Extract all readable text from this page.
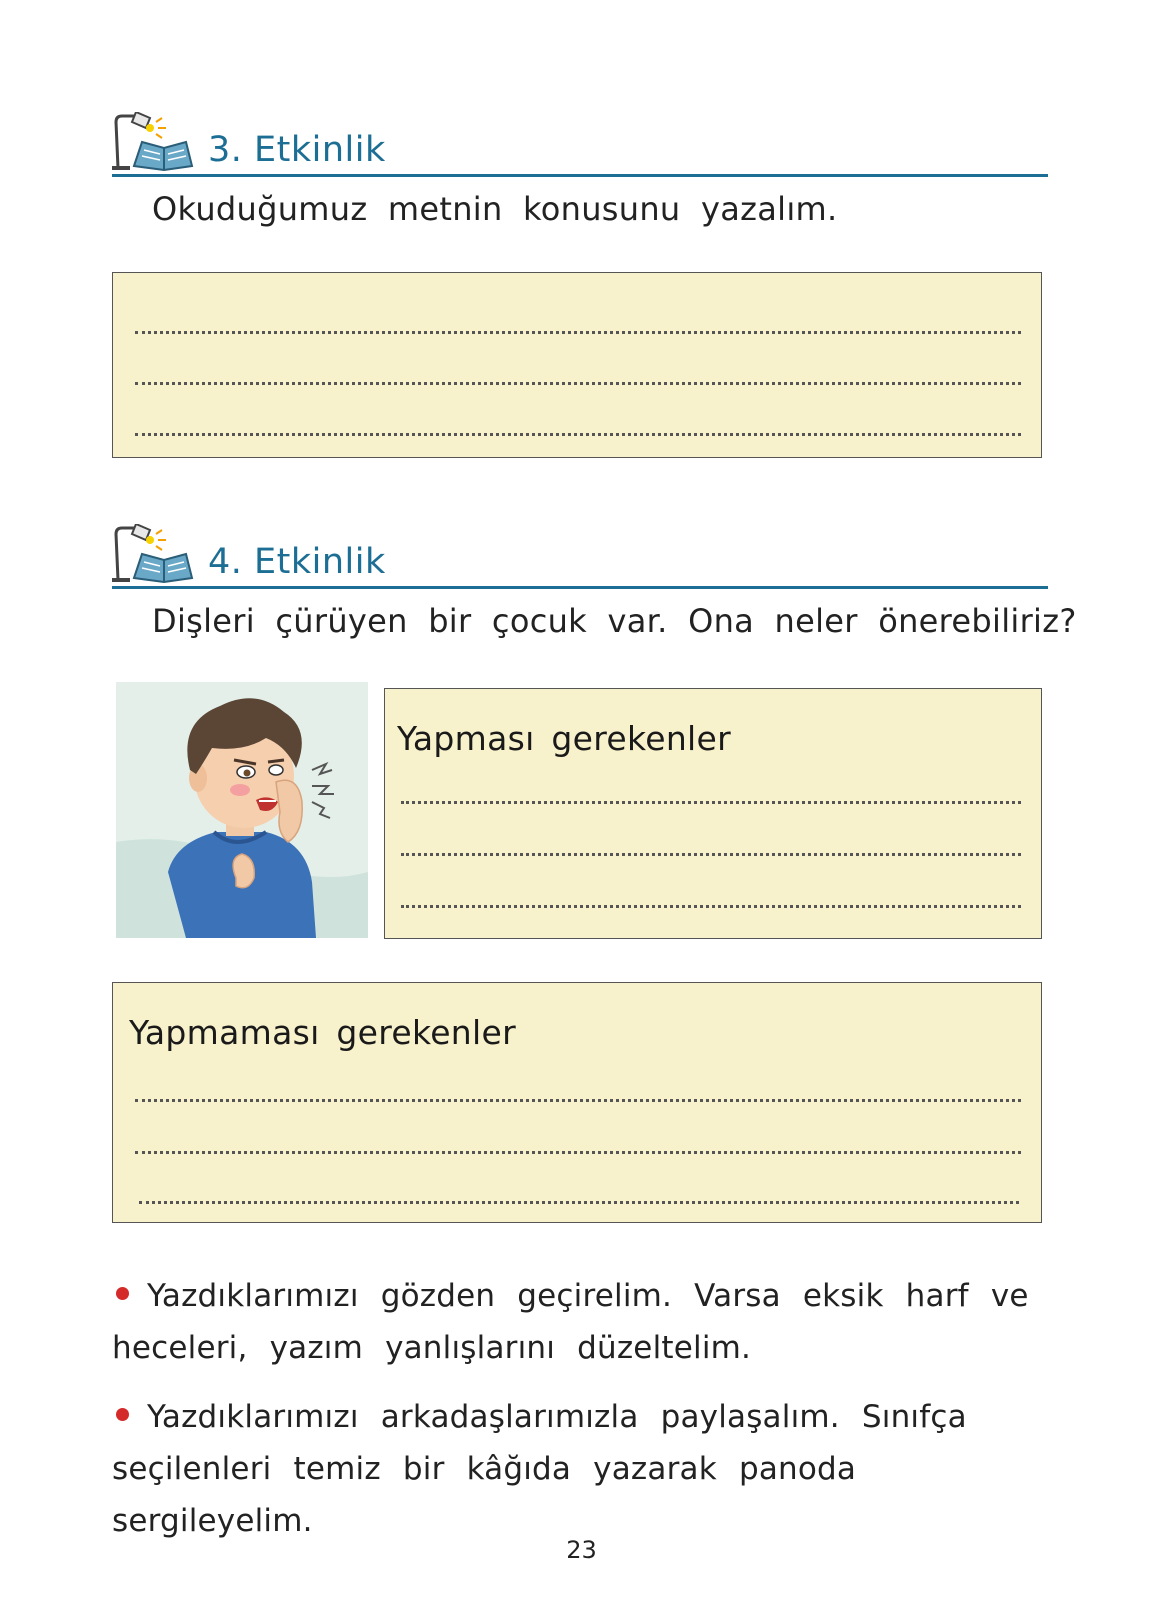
3. Etkinlik
Okuduğumuz metnin konusunu yazalım.
4. Etkinlik
Dişleri çürüyen bir çocuk var. Ona neler önerebiliriz?
Yapması gerekenler
Yapmaması gerekenler
Yazdıklarımızı gözden geçirelim. Varsa eksik harf ve heceleri, yazım yanlışlarını düzeltelim.
Yazdıklarımızı arkadaşlarımızla paylaşalım. Sınıfça seçilenleri temiz bir kâğıda yazarak panoda sergileyelim.
23
